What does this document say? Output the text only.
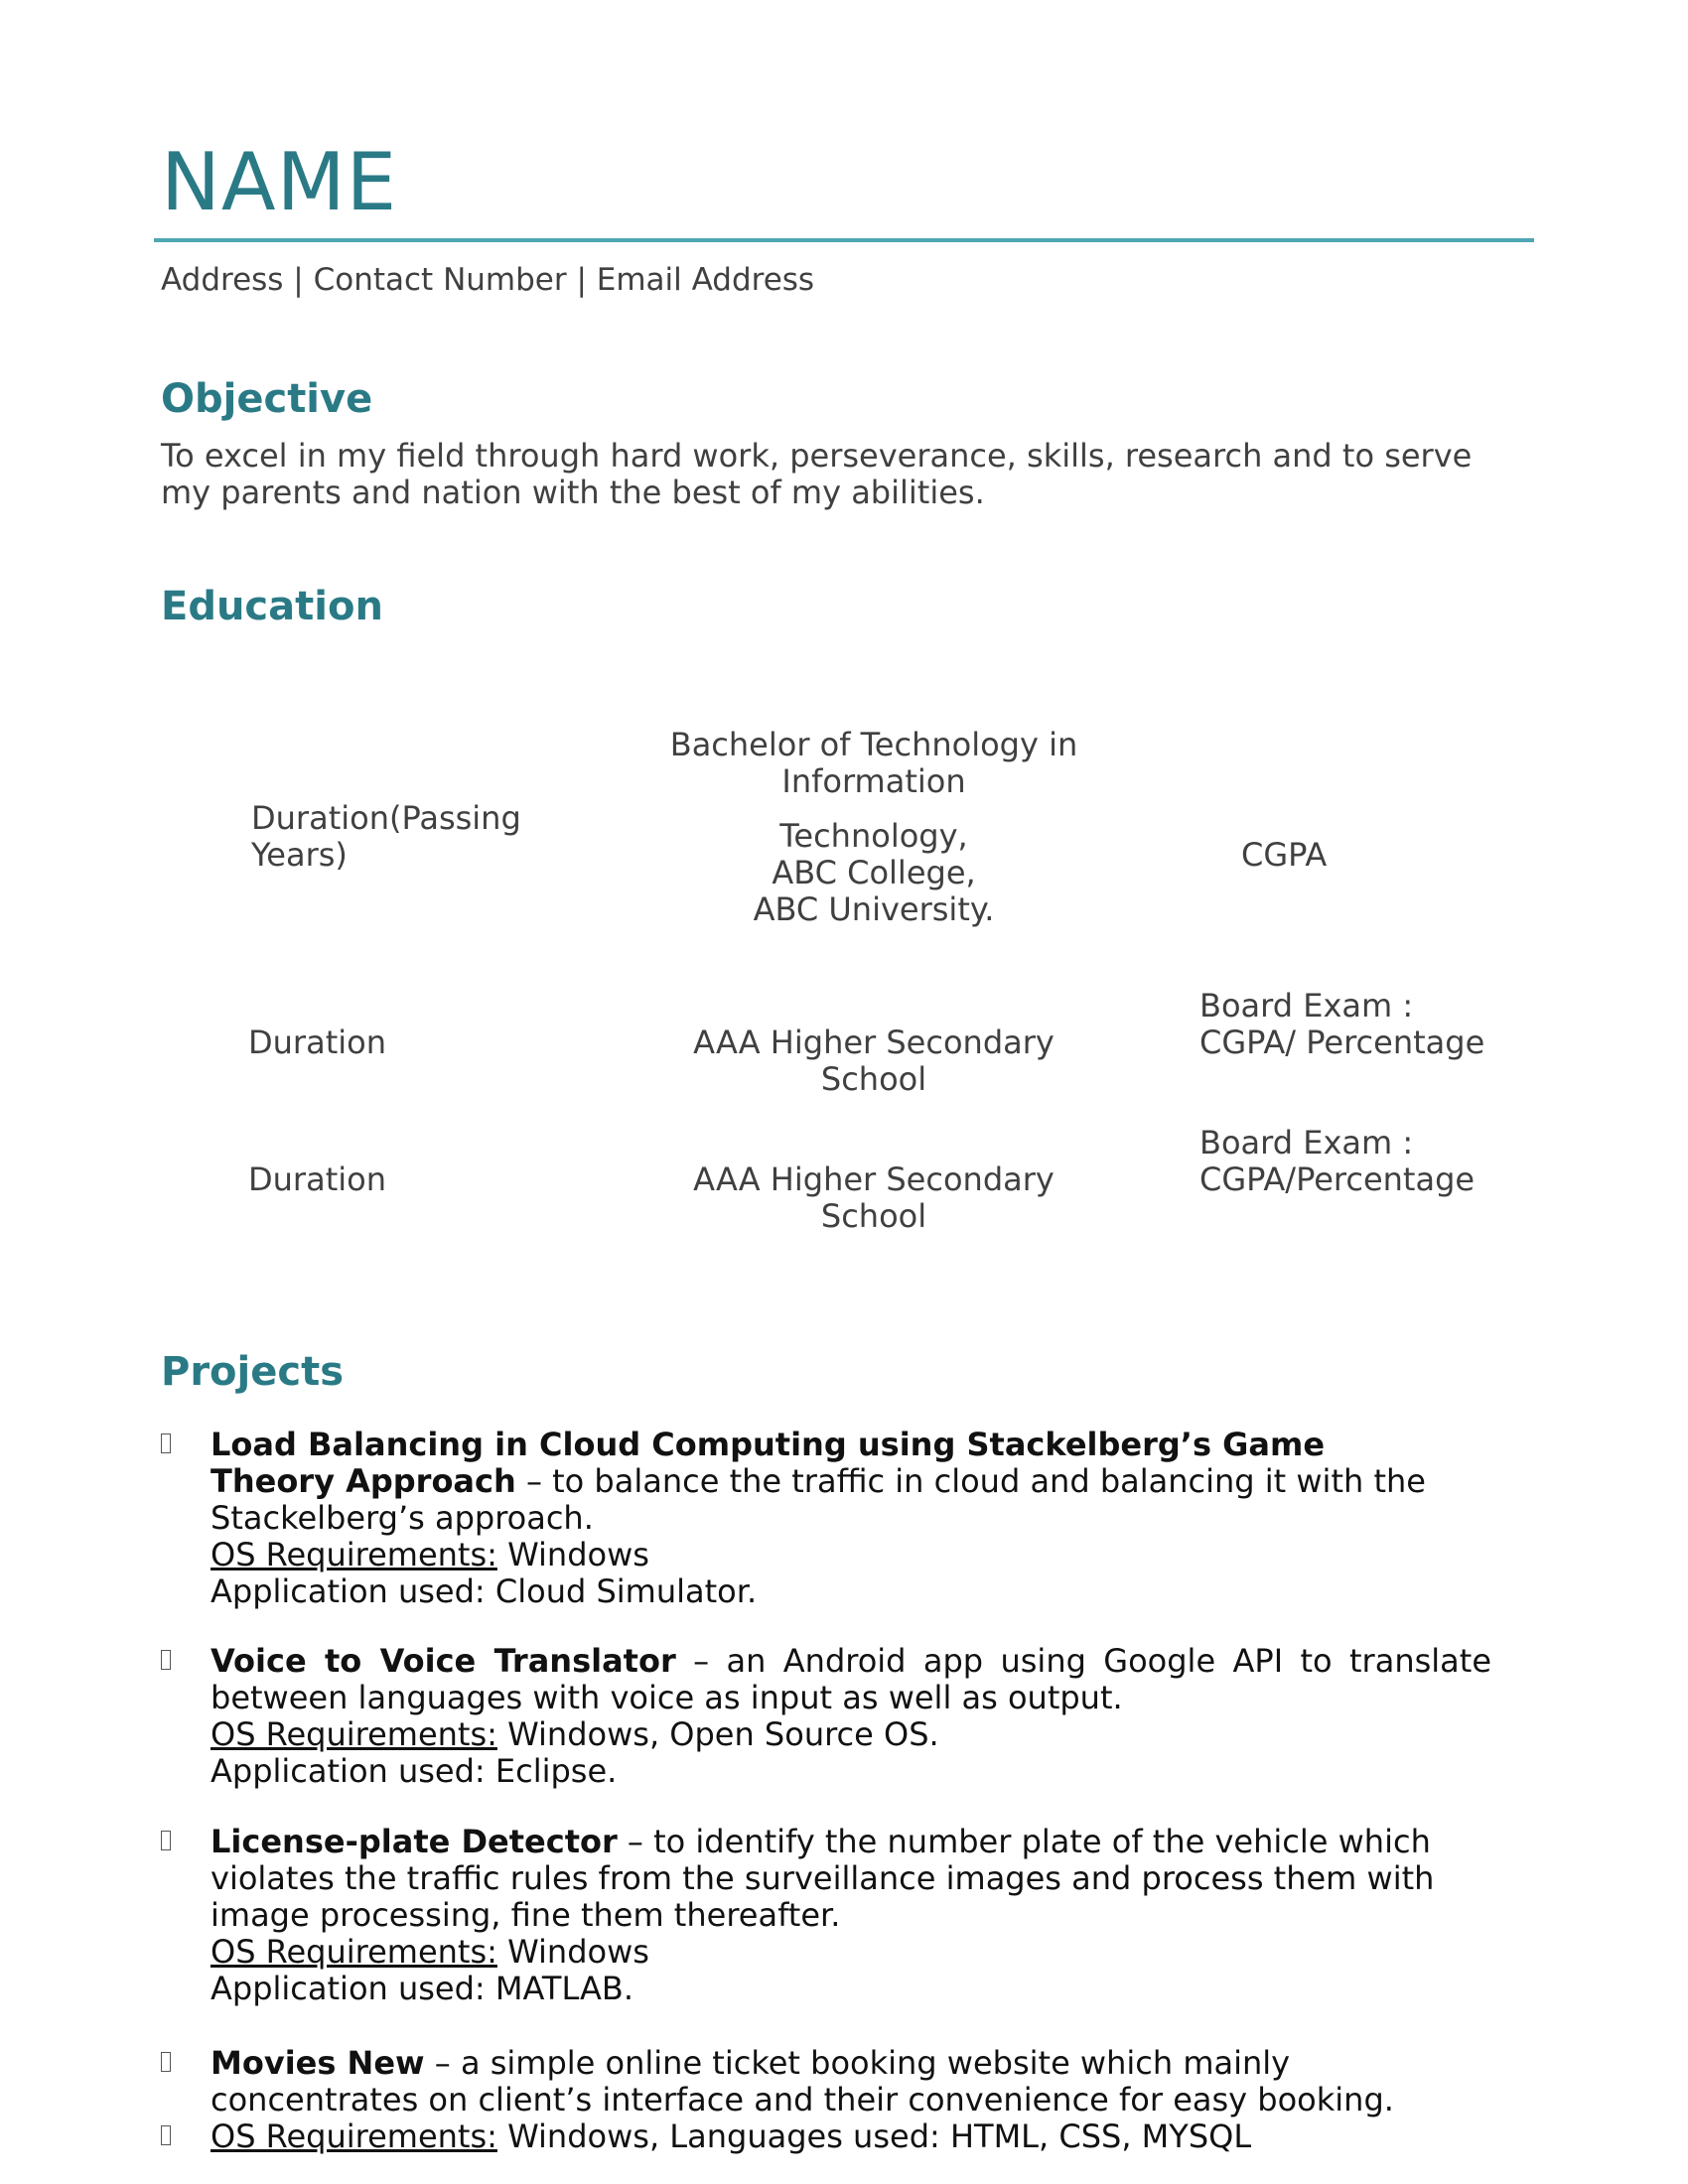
NAME
Address | Contact Number | Email Address
Objective
To excel in my field through hard work, perseverance, skills, research and to serve my parents and nation with the best of my abilities.
Education
Duration(Passing Years)
Bachelor of Technology in Information
Technology,
ABC College,
ABC University.
CGPA
Duration	AAA Higher Secondary School
Board Exam :
CGPA/ Percentage
Duration	AAA Higher Secondary School
Board Exam :
CGPA/Percentage
Projects
Load Balancing in Cloud Computing using Stackelberg’s Game Theory Approach – to balance the traffic in cloud and balancing it with the Stackelberg’s approach.
OS Requirements: Windows
Application used: Cloud Simulator.
Voice to Voice Translator – an Android app using Google API to translate between languages with voice as input as well as output.
OS Requirements: Windows, Open Source OS.
Application used: Eclipse.
License-plate Detector – to identify the number plate of the vehicle which violates the traffic rules from the surveillance images and process them with image processing, fine them thereafter.
OS Requirements: Windows
Application used: MATLAB.
Movies New – a simple online ticket booking website which mainly concentrates on client’s interface and their convenience for easy booking.
OS Requirements: Windows, Languages used: HTML, CSS, MYSQL
